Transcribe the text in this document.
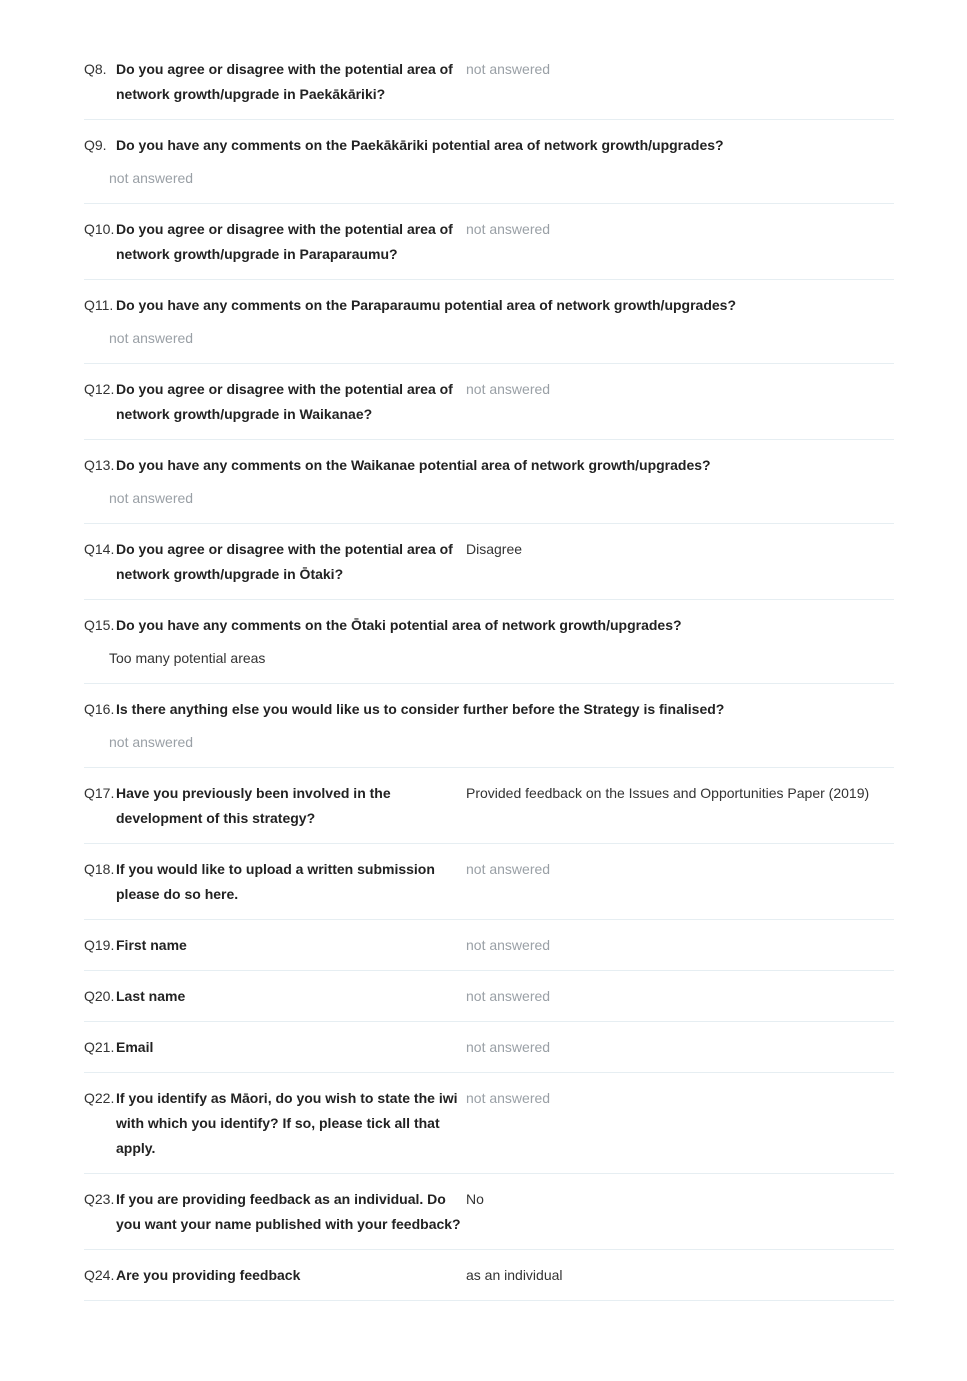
Q8. Do you agree or disagree with the potential area of network growth/upgrade in Paekākāriki?
not answered
Q9. Do you have any comments on the Paekākāriki potential area of network growth/upgrades?
not answered
Q10. Do you agree or disagree with the potential area of network growth/upgrade in Paraparaumu?
not answered
Q11. Do you have any comments on the Paraparaumu potential area of network growth/upgrades?
not answered
Q12. Do you agree or disagree with the potential area of network growth/upgrade in Waikanae?
not answered
Q13. Do you have any comments on the Waikanae potential area of network growth/upgrades?
not answered
Q14. Do you agree or disagree with the potential area of network growth/upgrade in Ōtaki?
Disagree
Q15. Do you have any comments on the Ōtaki potential area of network growth/upgrades?
Too many potential areas
Q16. Is there anything else you would like us to consider further before the Strategy is finalised?
not answered
Q17. Have you previously been involved in the development of this strategy?
Provided feedback on the Issues and Opportunities Paper (2019)
Q18. If you would like to upload a written submission please do so here.
not answered
Q19. First name	not answered
Q20. Last name	not answered
Q21. Email	not answered
Q22. If you identify as Māori, do you wish to state the iwi with which you identify? If so, please tick all that apply.
not answered
Q23. If you are providing feedback as an individual. Do you want your name published with your feedback?
No
Q24. Are you providing feedback	as an individual
